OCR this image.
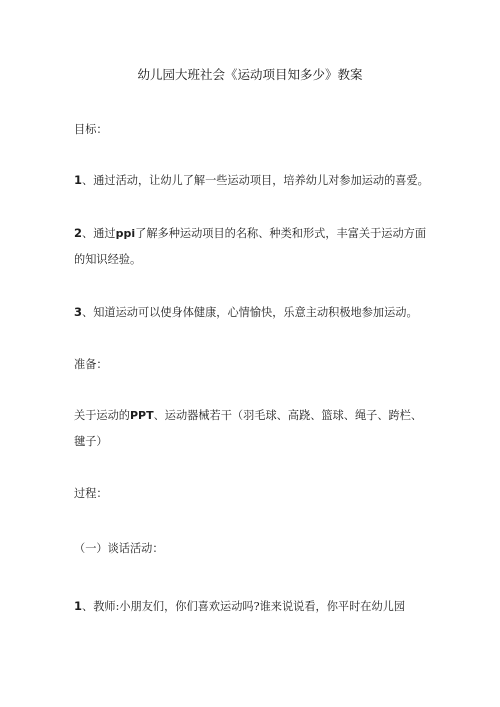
幼儿园大班社会《运动项目知多少》教案
目标：
1、通过活动，让幼儿了解一些运动项目，培养幼儿对参加运动的喜爱。
2、通过ppi了解多种运动项目的名称、种类和形式，丰富关于运动方面的知识经验。
3、知道运动可以使身体健康，心情愉快，乐意主动积极地参加运动。
准备：
关于运动的PPT、运动器械若干（羽毛球、高跷、篮球、绳子、跨栏、毽子）
过程：
（一）谈话活动：
1、教师:小朋友们，你们喜欢运动吗?谁来说说看，你平时在幼儿园
